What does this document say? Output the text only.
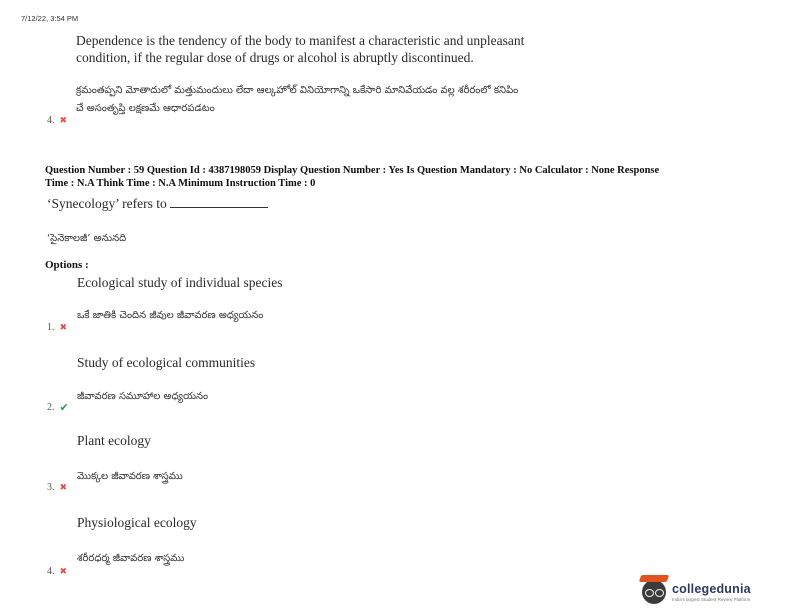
7/12/22, 3:54 PM
Dependence is the tendency of the body to manifest a characteristic and unpleasant
condition, if the regular dose of drugs or alcohol is abruptly discontinued.
క్రమంతప్పని మోతాదులో మత్తుమందులు లేదా ఆల్కహోల్ వినియోగాన్ని ఒకేసారి మానివేయడం వల్ల శరీరంలో కనిపిం
చే అసంతృప్తి లక్షణమే ఆధారపడటం
4. ✖
Question Number : 59 Question Id : 4387198059 Display Question Number : Yes Is Question Mandatory : No Calculator : None Response
Time : N.A Think Time : N.A Minimum Instruction Time : 0
‘Synecology’ refers to
‘సైనెకాలజీ’ అనునది
Options :
Ecological study of individual species
ఒకే జాతికి చెందిన జీవుల జీవావరణ అధ్యయనం
1. ✖
Study of ecological communities
జీవావరణ సమూహాల అధ్యయనం
2. ✔
Plant ecology
మొక్కల జీవావరణ శాస్త్రము
3. ✖
Physiological ecology
శరీరధర్మ జీవావరణ శాస్త్రము
4. ✖
collegedunia
India's largest Student Review Platform
